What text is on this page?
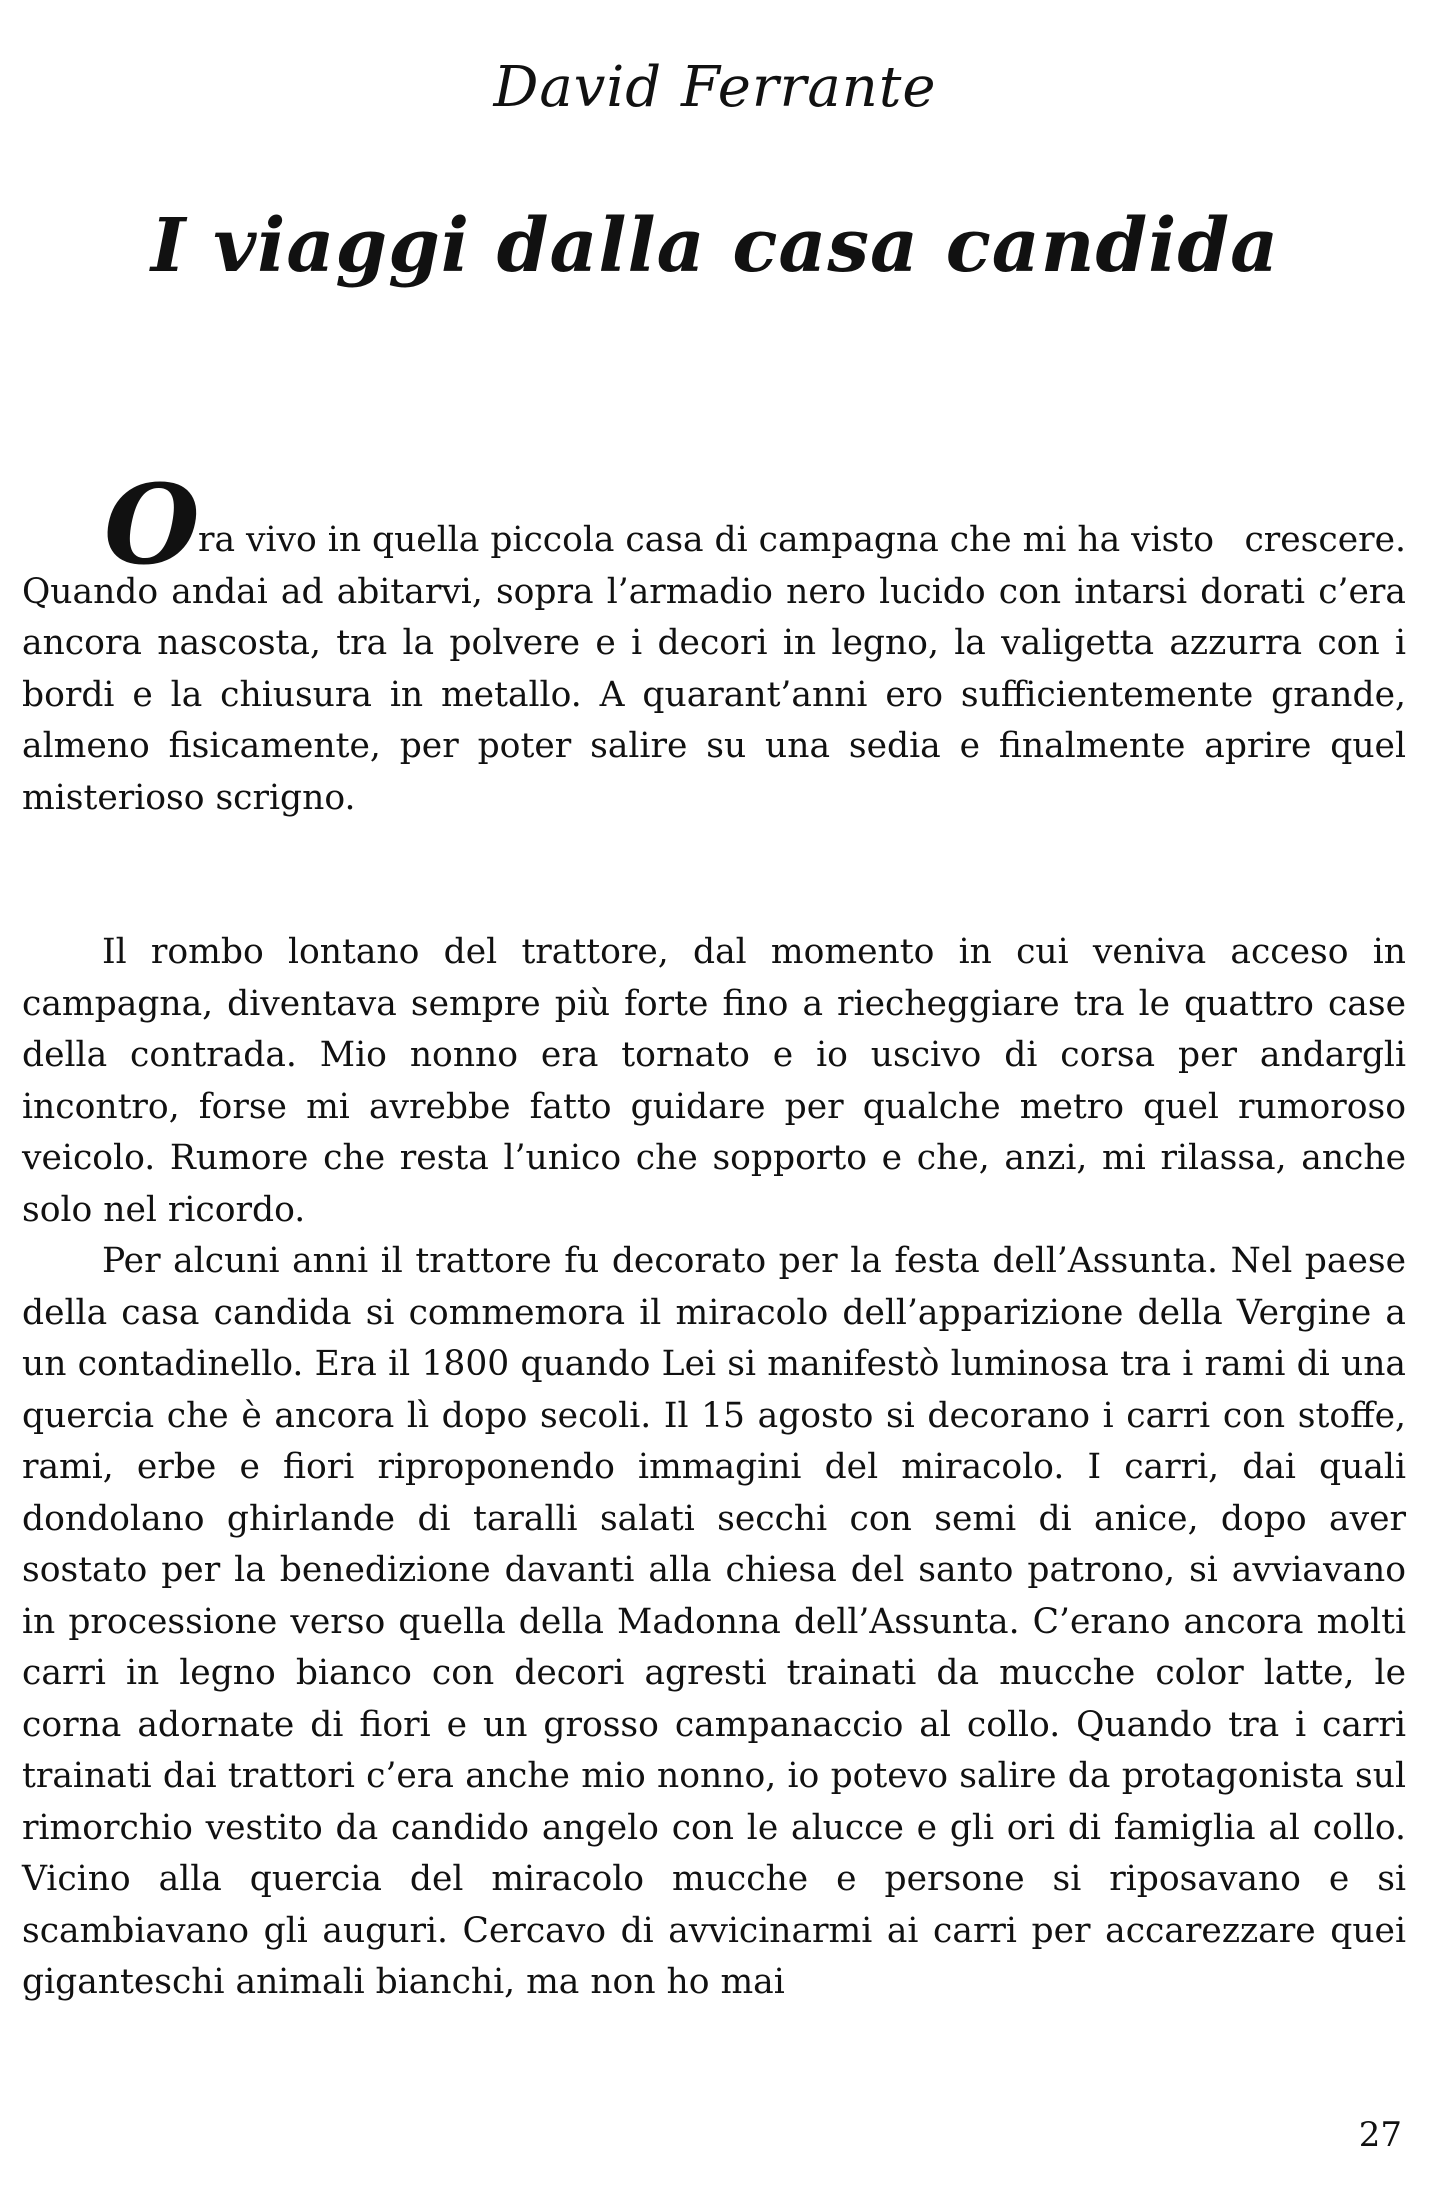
David Ferrante
I viaggi dalla casa candida
O

ra vivo in quella piccola casa di campagna che mi ha visto crescere. Quando andai ad abitarvi, sopra l’armadio nero lucido con intarsi dorati c’era ancora nascosta, tra la polvere e i decori in legno, la valigetta azzurra con i bordi e la chiusura in metallo. A quarant’anni ero sufficientemente grande, almeno fisicamente, per poter salire su una sedia e finalmente aprire quel misterioso scrigno.

Il rombo lontano del trattore, dal momento in cui veniva acceso in campagna, diventava sempre più forte fino a riecheggiare tra le quattro case della contrada. Mio nonno era tornato e io uscivo di corsa per andargli incontro, forse mi avrebbe fatto guidare per qualche metro quel rumoroso veicolo. Rumore che resta l’unico che sopporto e che, anzi, mi rilassa, anche solo nel ricordo.

Per alcuni anni il trattore fu decorato per la festa dell’Assunta. Nel paese della casa candida si commemora il miracolo dell’apparizione della Vergine a un contadinello. Era il 1800 quando Lei si manifestò luminosa tra i rami di una quercia che è ancora lì dopo secoli. Il 15 agosto si decorano i carri con stoffe, rami, erbe e fiori riproponendo immagini del miracolo. I carri, dai quali dondolano ghirlande di taralli salati secchi con semi di anice, dopo aver sostato per la benedizione davanti alla chiesa del santo patrono, si avviavano in processione verso quella della Madonna dell’Assunta. C’erano ancora molti carri in legno bianco con decori agresti trainati da mucche color latte, le corna adornate di fiori e un grosso campanaccio al collo. Quando tra i carri trainati dai trattori c’era anche mio nonno, io potevo salire da protagonista sul rimorchio vestito da candido angelo con le alucce e gli ori di famiglia al collo. Vicino alla quercia del miracolo mucche e persone si riposavano e si scambiavano gli auguri. Cercavo di avvicinarmi ai carri per accarezzare quei giganteschi animali bianchi, ma non ho mai

27
